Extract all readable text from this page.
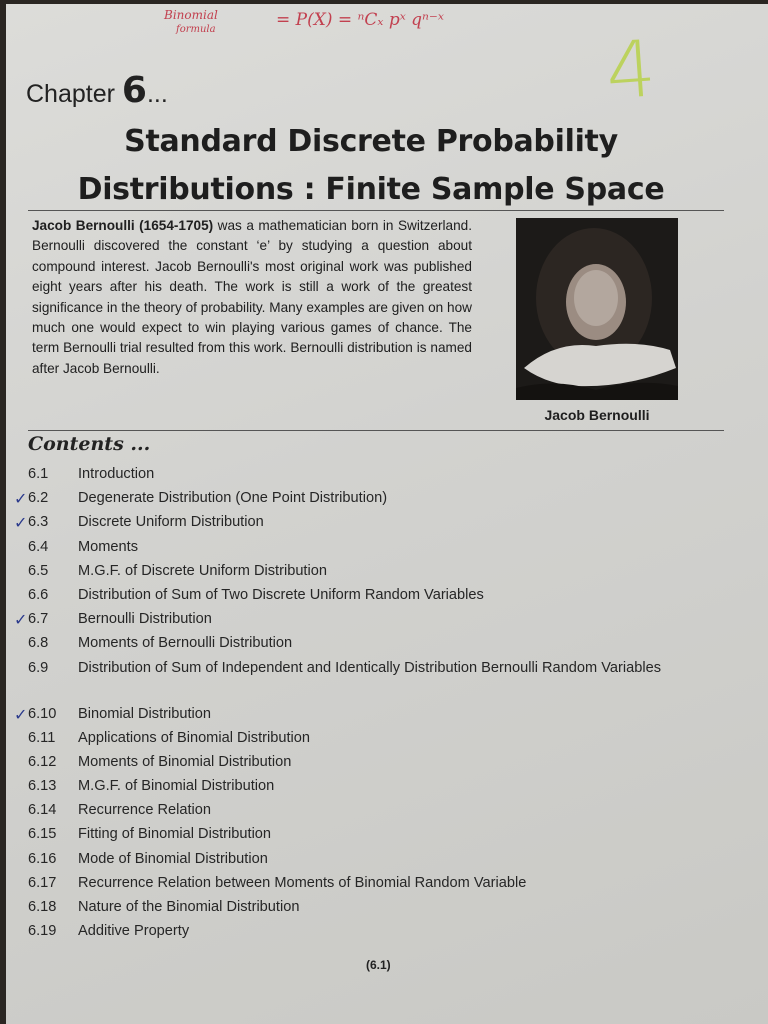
Binomial
formula	= P(X) = ⁿCₓ pˣ qⁿ⁻ˣ
4
Chapter 6...
Standard Discrete Probability
Distributions : Finite Sample Space
Jacob Bernoulli (1654-1705) was a mathematician born in Switzerland. Bernoulli discovered the constant ‘e’ by studying a question about compound interest. Jacob Bernoulli's most original work was published eight years after his death. The work is still a work of the greatest significance in the theory of probability. Many examples are given on how much one would expect to win playing various games of chance. The term Bernoulli trial resulted from this work. Bernoulli distribution is named after Jacob Bernoulli.
Jacob Bernoulli
Contents ...
6.1	Introduction
✓ 6.2	Degenerate Distribution (One Point Distribution)
✓ 6.3	Discrete Uniform Distribution
6.4	Moments
6.5	M.G.F. of Discrete Uniform Distribution
6.6	Distribution of Sum of Two Discrete Uniform Random Variables
✓ 6.7	Bernoulli Distribution
6.8	Moments of Bernoulli Distribution
6.9	Distribution of Sum of Independent and Identically Distribution Bernoulli Random Variables
✓ 6.10	Binomial Distribution
6.11	Applications of Binomial Distribution
6.12	Moments of Binomial Distribution
6.13	M.G.F. of Binomial Distribution
6.14	Recurrence Relation
6.15	Fitting of Binomial Distribution
6.16	Mode of Binomial Distribution
6.17	Recurrence Relation between Moments of Binomial Random Variable
6.18	Nature of the Binomial Distribution
6.19	Additive Property
(6.1)
